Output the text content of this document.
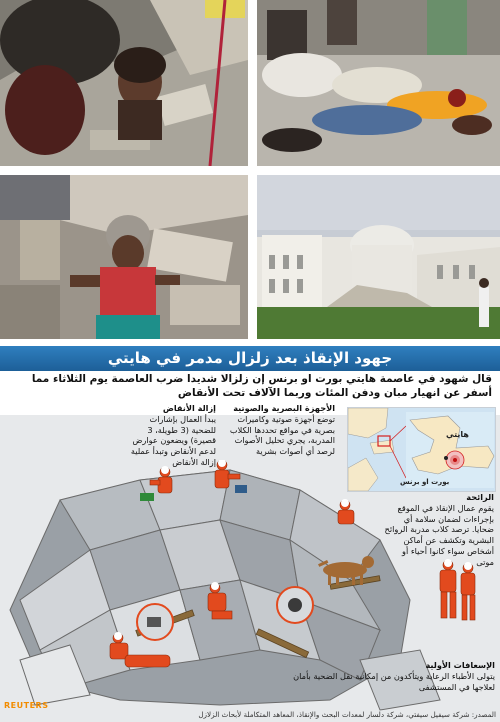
جهود الإنقاذ بعد زلزال مدمر في هايتي
قال شهود في عاصمة هايتي بورت او برنس إن زلزالا شديدا ضرب العاصمة يوم الثلاثاء مما أسفر عن انهيار مبان ودفن المئات وربما الآلاف تحت الأنقاض
هايتي
بورت او برنس
إزالة الأنقاض
يبدأ العمال بإشارات للضحية (3 طويلة، 3 قصيرة) ويضعون عوارض لدعم الأنقاض وتبدأ عملية إزالة الأنقاض
الأجهزة البصرية والصوتية
توضع أجهزة صوتية وكاميرات بصرية في مواقع تحددها الكلاب المدربة، يجري تحليل الأصوات لرصد أي أصوات بشرية
الرائحة
يقوم عمال الإنقاذ في الموقع بإجراءات لضمان سلامة أي ضحايا. ترصد كلاب مدربة الروائح البشرية وتكشف عن أماكن أشخاص سواء كانوا أحياء أو موتى
الإسعافات الأولية
يتولى الأطباء الرعاية ويتأكدون من إمكانية نقل الضحية بأمان لعلاجها في المستشفى
REUTERS
المصدر: شركة سيفيل سيفتي، شركة دلسار لمعدات البحث والإنقاذ، المعاهد المتكاملة لأبحاث الزلازل
